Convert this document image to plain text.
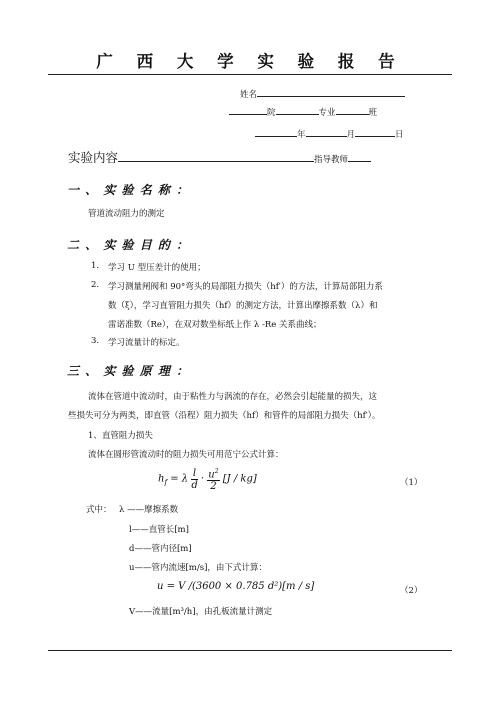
广 西 大 学 实 验 报 告
姓名
院	专业	班
年	月	日
实验内容	指导教师
一 、 实 验 名 称 ：
管道流动阻力的测定
二 、 实 验 目 的 ：
1. 学习 U 型压差计的使用；
2. 学习测量闸阀和 90°弯头的局部阻力损失（hf′）的方法，计算局部阻力系
数（ξ），学习直管阻力损失（hf）的测定方法，计算出摩擦系数（λ）和
雷诺准数（Re），在双对数坐标纸上作 λ -Re 关系曲线；
3. 学习流量计的标定。
三 、 实 验 原 理 ：
流体在管道中流动时，由于粘性力与涡流的存在，必然会引起能量的损失，这
些损失可分为两类，即直管（沿程）阻力损失（hf）和管件的局部阻力损失（hf′）。
1、直管阻力损失
流体在圆形管流动时的阻力损失可用范宁公式计算：
$h_f = \lambda \frac{l}{d} \cdot \frac{u^2}{2} [J / kg]$	（1）
式中： λ ——摩擦系数
l——直管长[m]
d——管内径[m]
u——管内流速[m/s]，由下式计算：
u = V /(3600 × 0.785 d²)[m / s]	（2）
V——流量[m³/h]，由孔板流量计测定
